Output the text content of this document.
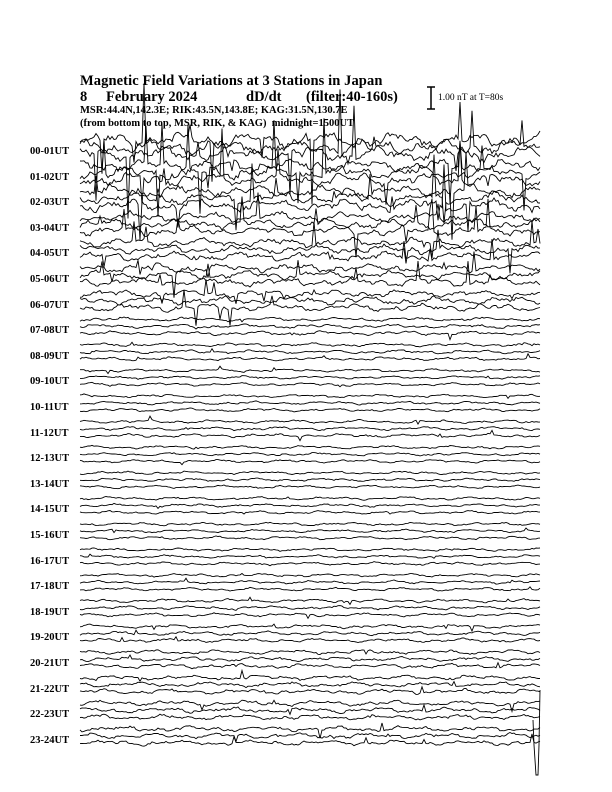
Magnetic Field Variations at 3 Stations in Japan
8 February 2024	dD/dt (filter:40-160s)
MSR:44.4N,142.3E; RIK:43.5N,143.8E; KAG:31.5N,130.7E
(from bottom to top, MSR, RIK, & KAG) midnight=1500UT
1.00 nT at T=80s
00-01UT
01-02UT
02-03UT
03-04UT
04-05UT
05-06UT
06-07UT
07-08UT
08-09UT
09-10UT
10-11UT
11-12UT
12-13UT
13-14UT
14-15UT
15-16UT
16-17UT
17-18UT
18-19UT
19-20UT
20-21UT
21-22UT
22-23UT
23-24UT
